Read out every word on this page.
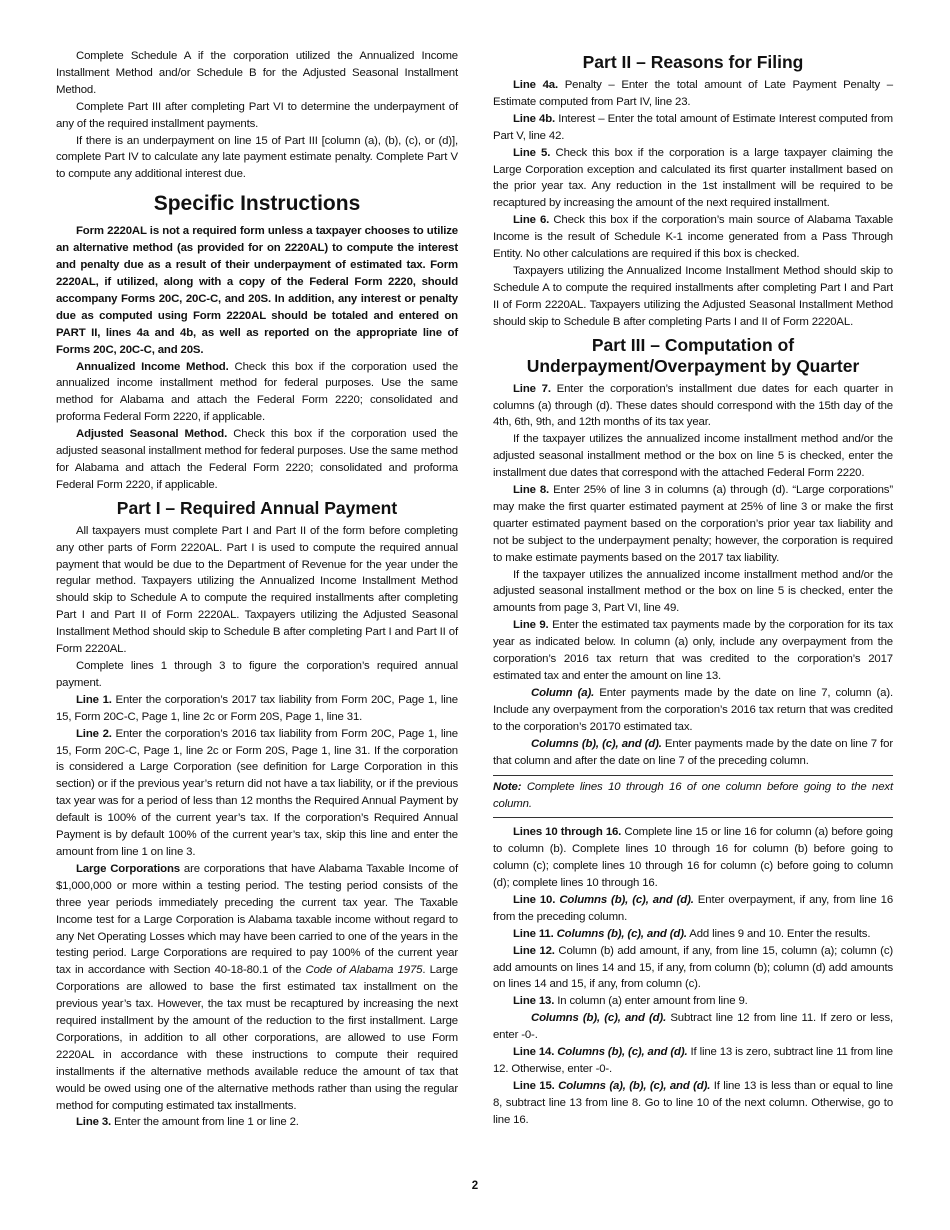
Complete Schedule A if the corporation utilized the Annualized Income Installment Method and/or Schedule B for the Adjusted Seasonal Installment Method.

Complete Part III after completing Part VI to determine the underpayment of any of the required installment payments.

If there is an underpayment on line 15 of Part III [column (a), (b), (c), or (d)], complete Part IV to calculate any late payment estimate penalty. Complete Part V to compute any additional interest due.

Specific Instructions

Form 2220AL is not a required form unless a taxpayer chooses to utilize an alternative method (as provided for on 2220AL) to compute the interest and penalty due as a result of their underpayment of estimated tax. Form 2220AL, if utilized, along with a copy of the Federal Form 2220, should accompany Forms 20C, 20C-C, and 20S. In addition, any interest or penalty due as computed using Form 2220AL should be totaled and entered on PART II, lines 4a and 4b, as well as reported on the appropriate line of Forms 20C, 20C-C, and 20S.

Annualized Income Method. Check this box if the corporation used the annualized income installment method for federal purposes. Use the same method for Alabama and attach the Federal Form 2220; consolidated and proforma Federal Form 2220, if applicable.

Adjusted Seasonal Method. Check this box if the corporation used the adjusted seasonal installment method for federal purposes. Use the same method for Alabama and attach the Federal Form 2220; consolidated and proforma Federal Form 2220, if applicable.

Part I – Required Annual Payment

All taxpayers must complete Part I and Part II of the form before completing any other parts of Form 2220AL. Part I is used to compute the required annual payment that would be due to the Department of Revenue for the year under the regular method. Taxpayers utilizing the Annualized Income Installment Method should skip to Schedule A to compute the required installments after completing Part I and Part II of Form 2220AL. Taxpayers utilizing the Adjusted Seasonal Installment Method should skip to Schedule B after completing Part I and Part II of Form 2220AL.

Complete lines 1 through 3 to figure the corporation’s required annual payment.

Line 1. Enter the corporation’s 2017 tax liability from Form 20C, Page 1, line 15, Form 20C-C, Page 1, line 2c or Form 20S, Page 1, line 31.

Line 2. Enter the corporation’s 2016 tax liability from Form 20C, Page 1, line 15, Form 20C-C, Page 1, line 2c or Form 20S, Page 1, line 31. If the corporation is considered a Large Corporation (see definition for Large Corporation in this section) or if the previous year’s return did not have a tax liability, or if the previous tax year was for a period of less than 12 months the Required Annual Payment by default is 100% of the current year’s tax. If the corporation’s Required Annual Payment is by default 100% of the current year’s tax, skip this line and enter the amount from line 1 on line 3.

Large Corporations are corporations that have Alabama Taxable Income of $1,000,000 or more within a testing period. The testing period consists of the three year periods immediately preceding the current tax year. The Taxable Income test for a Large Corporation is Alabama taxable income without regard to any Net Operating Losses which may have been carried to one of the years in the testing period. Large Corporations are required to pay 100% of the current year tax in accordance with Section 40-18-80.1 of the Code of Alabama 1975. Large Corporations are allowed to base the first estimated tax installment on the previous year’s tax. However, the tax must be recaptured by increasing the next required installment by the amount of the reduction to the first installment. Large Corporations, in addition to all other corporations, are allowed to use Form 2220AL in accordance with these instructions to compute their required installments if the alternative methods available reduce the amount of tax that would be owed using one of the alternative methods rather than using the regular method for computing estimated tax installments.

Line 3. Enter the amount from line 1 or line 2.

Part II – Reasons for Filing

Line 4a. Penalty – Enter the total amount of Late Payment Penalty – Estimate computed from Part IV, line 23.

Line 4b. Interest – Enter the total amount of Estimate Interest computed from Part V, line 42.

Line 5. Check this box if the corporation is a large taxpayer claiming the Large Corporation exception and calculated its first quarter installment based on the prior year tax. Any reduction in the 1st installment will be required to be recaptured by increasing the amount of the next required installment.

Line 6. Check this box if the corporation’s main source of Alabama Taxable Income is the result of Schedule K-1 income generated from a Pass Through Entity. No other calculations are required if this box is checked.

Taxpayers utilizing the Annualized Income Installment Method should skip to Schedule A to compute the required installments after completing Part I and Part II of Form 2220AL. Taxpayers utilizing the Adjusted Seasonal Installment Method should skip to Schedule B after completing Parts I and II of Form 2220AL.

Part III – Computation of
Underpayment/Overpayment by Quarter

Line 7. Enter the corporation’s installment due dates for each quarter in columns (a) through (d). These dates should correspond with the 15th day of the 4th, 6th, 9th, and 12th months of its tax year.

If the taxpayer utilizes the annualized income installment method and/or the adjusted seasonal installment method or the box on line 5 is checked, enter the installment due dates that correspond with the attached Federal Form 2220.

Line 8. Enter 25% of line 3 in columns (a) through (d). “Large corporations” may make the first quarter estimated payment at 25% of line 3 or make the first quarter estimated payment based on the corporation’s prior year tax liability and not be subject to the underpayment penalty; however, the corporation is required to make estimate payments based on the 2017 tax liability.

If the taxpayer utilizes the annualized income installment method and/or the adjusted seasonal installment method or the box on line 5 is checked, enter the amounts from page 3, Part VI, line 49.

Line 9. Enter the estimated tax payments made by the corporation for its tax year as indicated below. In column (a) only, include any overpayment from the corporation’s 2016 tax return that was credited to the corporation’s 2017 estimated tax and enter the amount on line 13.

Column (a). Enter payments made by the date on line 7, column (a). Include any overpayment from the corporation’s 2016 tax return that was credited to the corporation’s 20170 estimated tax.

Columns (b), (c), and (d). Enter payments made by the date on line 7 for that column and after the date on line 7 of the preceding column.

Note: Complete lines 10 through 16 of one column before going to the next column.

Lines 10 through 16. Complete line 15 or line 16 for column (a) before going to column (b). Complete lines 10 through 16 for column (b) before going to column (c); complete lines 10 through 16 for column (c) before going to column (d); complete lines 10 through 16.

Line 10. Columns (b), (c), and (d). Enter overpayment, if any, from line 16 from the preceding column.

Line 11. Columns (b), (c), and (d). Add lines 9 and 10. Enter the results.

Line 12. Column (b) add amount, if any, from line 15, column (a); column (c) add amounts on lines 14 and 15, if any, from column (b); column (d) add amounts on lines 14 and 15, if any, from column (c).

Line 13. In column (a) enter amount from line 9.

Columns (b), (c), and (d). Subtract line 12 from line 11. If zero or less, enter -0-.

Line 14. Columns (b), (c), and (d). If line 13 is zero, subtract line 11 from line 12. Otherwise, enter -0-.

Line 15. Columns (a), (b), (c), and (d). If line 13 is less than or equal to line 8, subtract line 13 from line 8. Go to line 10 of the next column. Otherwise, go to line 16.

2
